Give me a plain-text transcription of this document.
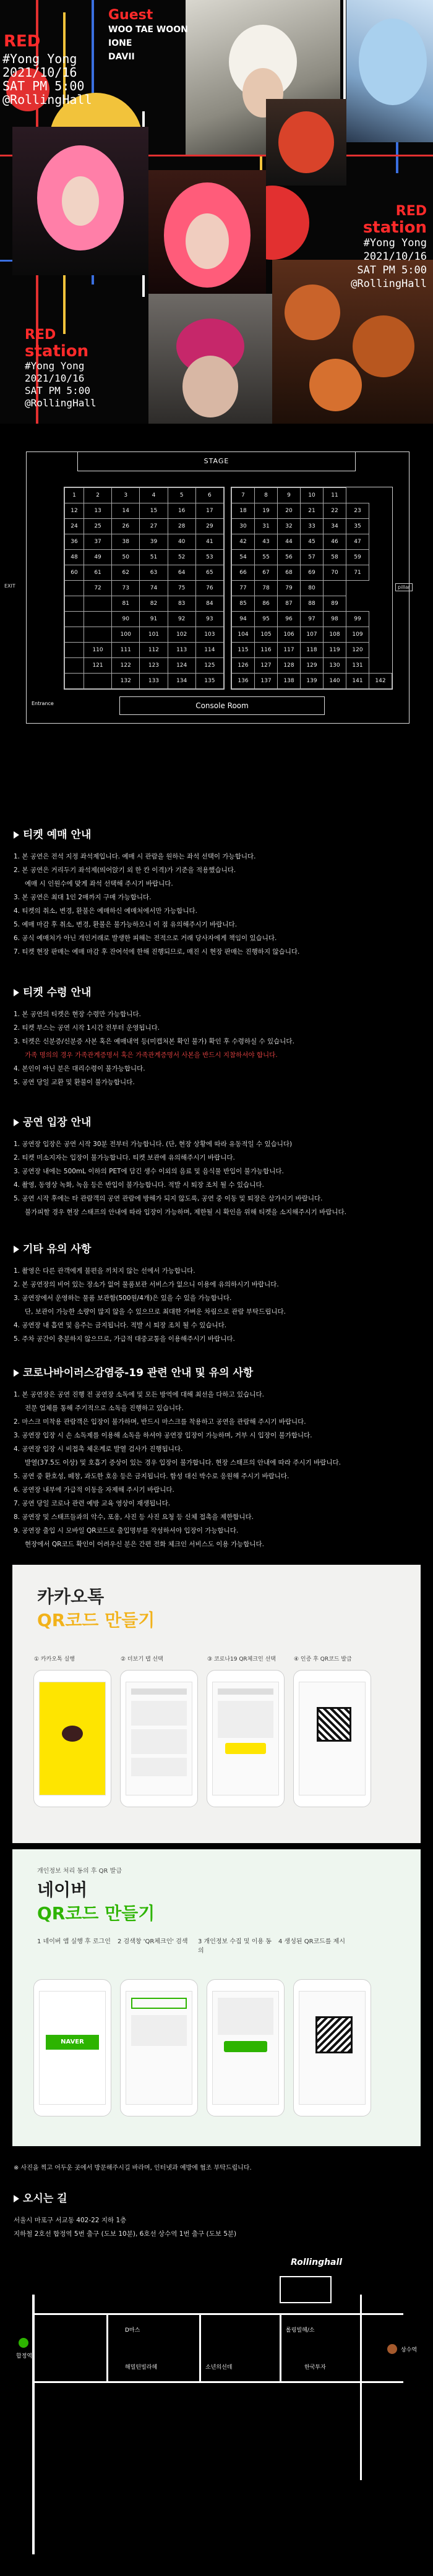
RED
#Yong Yong
2021/10/16
SAT PM 5:00
@RollingHall
Guest
WOO TAE WOON
IONE
DAVII
RED
station
#Yong Yong
2021/10/16
SAT PM 5:00
@RollingHall
RED
station
#Yong Yong
2021/10/16
SAT PM 5:00
@RollingHall
STAGE
1	2	3	4	5	6
12	13	14	15	16	17
24	25	26	27	28	29
36	37	38	39	40	41
48	49	50	51	52	53
60	61	62	63	64	65
	72	73	74	75	76
		81	82	83	84
		90	91	92	93
		100	101	102	103
	110	111	112	113	114
	121	122	123	124	125
		132	133	134	135
7	8	9	10	11		
18	19	20	21	22	23	
30	31	32	33	34	35	
42	43	44	45	46	47	
54	55	56	57	58	59	
66	67	68	69	70	71	
77	78	79	80			
85	86	87	88	89		
94	95	96	97	98	99	
104	105	106	107	108	109	
115	116	117	118	119	120	
126	127	128	129	130	131	
136	137	138	139	140	141	142
EXIT	pillar
Entrance	Console Room
티켓 예매 안내
1. 본 공연은 전석 지정 좌석제입니다. 예매 시 관람을 원하는 좌석 선택이 가능합니다.
2. 본 공연은 거리두기 좌석제(띄어앉기 외 한 칸 이격)가 기준을 적용했습니다.
예매 시 인원수에 맞게 좌석 선택해 주시기 바랍니다.
3. 본 공연은 최대 1인 2매까지 구매 가능합니다.
4. 티켓의 취소, 변경, 환불은 예매하신 예매처에서만 가능합니다.
5. 예매 마감 후 취소, 변경, 환불은 불가능하오니 이 점 유의해주시기 바랍니다.
6. 공식 예매처가 아닌 개인거래로 발생한 피해는 전적으로 거래 당사자에게 책임이 있습니다.
7. 티켓 현장 판매는 예매 마감 후 잔여석에 한해 진행되므로, 매진 시 현장 판매는 진행하지 않습니다.
티켓 수령 안내
1. 본 공연의 티켓은 현장 수령만 가능합니다.
2. 티켓 부스는 공연 시작 1시간 전부터 운영됩니다.
3. 티켓은 신분증/신분증 사본 혹은 예매내역 등(미캡처본 확인 불가) 확인 후 수령하실 수 있습니다.
가족 명의의 경우 가족관계증명서 혹은 가족관계증명서 사본을 반드시 지참하셔야 합니다.
4. 본인이 아닌 분은 대리수령이 불가능합니다.
5. 공연 당일 교환 및 환불이 불가능합니다.
공연 입장 안내
1. 공연장 입장은 공연 시작 30분 전부터 가능합니다. (단, 현장 상황에 따라 유동적일 수 있습니다)
2. 티켓 미소지자는 입장이 불가능합니다. 티켓 보관에 유의해주시기 바랍니다.
3. 공연장 내에는 500mL 이하의 PET에 담긴 생수 이외의 음료 및 음식물 반입이 불가능합니다.
4. 촬영, 동영상 녹화, 녹음 등은 반입이 불가능합니다. 적발 시 퇴장 조치 될 수 있습니다.
5. 공연 시작 후에는 타 관람객의 공연 관람에 방해가 되지 않도록, 공연 중 이동 및 퇴장은 삼가시기 바랍니다.
불가피할 경우 현장 스태프의 안내에 따라 입장이 가능하며, 제한될 시 확인을 위해 티켓을 소지해주시기 바랍니다.
기타 유의 사항
1. 촬영은 다른 관객에게 불편을 끼치지 않는 선에서 가능합니다.
2. 본 공연장의 비어 있는 장소가 없어 물품보관 서비스가 없으니 이용에 유의하시기 바랍니다.
3. 공연장에서 운영하는 물품 보관함(500원/4개)은 있을 수 있을 가능합니다.
단, 보관이 가능한 소량이 많지 않을 수 있으므로 최대한 가벼운 차림으로 관람 부탁드립니다.
4. 공연장 내 흡연 및 음주는 금지됩니다. 적발 시 퇴장 조치 될 수 있습니다.
5. 주차 공간이 충분하지 않으므로, 가급적 대중교통을 이용해주시기 바랍니다.
코로나바이러스감염증-19 관련 안내 및 유의 사항
1. 본 공연장은 공연 진행 전 공연장 소독에 및 모든 방역에 대해 최선을 다하고 있습니다.
전문 업체를 통해 주기적으로 소독을 진행하고 있습니다.
2. 마스크 미착용 관람객은 입장이 불가하며, 반드시 마스크를 착용하고 공연을 관람해 주시기 바랍니다.
3. 공연장 입장 시 손 소독제를 이용해 소독을 하셔야 공연장 입장이 가능하며, 거부 시 입장이 불가합니다.
4. 공연장 입장 시 비접촉 체온계로 발열 검사가 진행됩니다.
발열(37.5도 이상) 및 호흡기 증상이 있는 경우 입장이 불가합니다. 현장 스태프의 안내에 따라 주시기 바랍니다.
5. 공연 중 환호성, 떼창, 과도한 호응 등은 금지됩니다. 함성 대신 박수로 응원해 주시기 바랍니다.
6. 공연장 내부에 가급적 이동을 자제해 주시기 바랍니다.
7. 공연 당일 코로나 관련 예방 교육 영상이 재생됩니다.
8. 공연장 및 스태프들과의 악수, 포옹, 사진 등 사진 요청 등 신체 접촉을 제한합니다.
9. 공연장 출입 시 모바일 QR코드로 출입명부를 작성하셔야 입장이 가능합니다.
현장에서 QR코드 확인이 어려우신 분은 간편 전화 체크인 서비스도 이용 가능합니다.
카카오톡
QR코드 만들기
① 카카오톡 실행	② 더보기 탭 선택	③ 코로나19 QR체크인 선택	④ 인증 후 QR코드 발급
개인정보 처리 동의 후 QR 발급
네이버
QR코드 만들기
1 네이버 앱 실행 후 로그인 2 검색창 'QR체크인' 검색	3 개인정보 수집 및 이용 동의
4 생성된 QR코드를 제시
NAVER
※ 사진을 찍고 어두운 곳에서 방문해주시길 바라며, 인터넷과 예방에 협조 부탁드립니다.
오시는 길
서울시 마포구 서교동 402-22 지하 1층
지하철 2호선 합정역 5번 출구 (도보 10분), 6호선 상수역 1번 출구 (도보 5분)
Rollinghall
합정역
상수역
D마스
해밀턴빌라헤	소년의선데
롤링빌헤/소
한국투자
